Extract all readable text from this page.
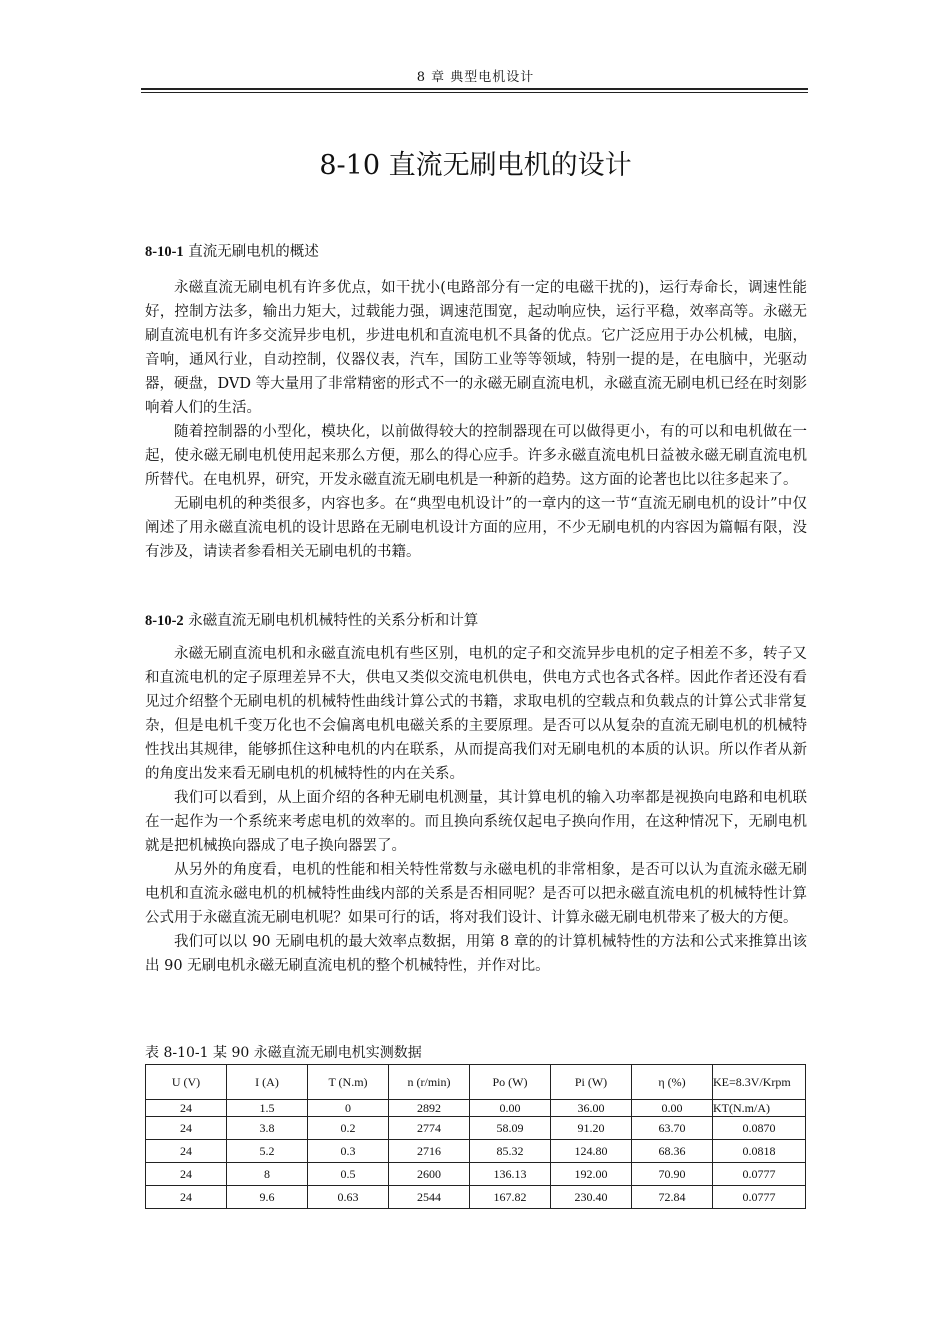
8 章 典型电机设计
8-10 直流无刷电机的设计
8-10-1 直流无刷电机的概述

永磁直流无刷电机有许多优点，如干扰小(电路部分有一定的电磁干扰的)，运行寿命长，调速性能好，控制方法多，输出力矩大，过载能力强，调速范围宽，起动响应快，运行平稳，效率高等。永磁无刷直流电机有许多交流异步电机，步进电机和直流电机不具备的优点。它广泛应用于办公机械，电脑，音响，通风行业，自动控制，仪器仪表，汽车，国防工业等等领域，特别一提的是，在电脑中，光驱动器，硬盘，DVD 等大量用了非常精密的形式不一的永磁无刷直流电机，永磁直流无刷电机已经在时刻影响着人们的生活。

随着控制器的小型化，模块化，以前做得较大的控制器现在可以做得更小，有的可以和电机做在一起，使永磁无刷电机使用起来那么方便，那么的得心应手。许多永磁直流电机日益被永磁无刷直流电机所替代。在电机界，研究，开发永磁直流无刷电机是一种新的趋势。这方面的论著也比以往多起来了。

无刷电机的种类很多，内容也多。在“典型电机设计”的一章内的这一节“直流无刷电机的设计”中仅阐述了用永磁直流电机的设计思路在无刷电机设计方面的应用，不少无刷电机的内容因为篇幅有限，没有涉及，请读者参看相关无刷电机的书籍。

8-10-2 永磁直流无刷电机机械特性的关系分析和计算

永磁无刷直流电机和永磁直流电机有些区别，电机的定子和交流异步电机的定子相差不多，转子又和直流电机的定子原理差异不大，供电又类似交流电机供电，供电方式也各式各样。因此作者还没有看见过介绍整个无刷电机的机械特性曲线计算公式的书籍，求取电机的空载点和负载点的计算公式非常复杂，但是电机千变万化也不会偏离电机电磁关系的主要原理。是否可以从复杂的直流无刷电机的机械特性找出其规律，能够抓住这种电机的内在联系，从而提高我们对无刷电机的本质的认识。所以作者从新的角度出发来看无刷电机的机械特性的内在关系。

我们可以看到，从上面介绍的各种无刷电机测量，其计算电机的输入功率都是视换向电路和电机联在一起作为一个系统来考虑电机的效率的。而且换向系统仅起电子换向作用，在这种情况下，无刷电机就是把机械换向器成了电子换向器罢了。

从另外的角度看，电机的性能和相关特性常数与永磁电机的非常相象，是否可以认为直流永磁无刷电机和直流永磁电机的机械特性曲线内部的关系是否相同呢？是否可以把永磁直流电机的机械特性计算公式用于永磁直流无刷电机呢？如果可行的话，将对我们设计、计算永磁无刷电机带来了极大的方便。

我们可以以 90 无刷电机的最大效率点数据，用第 8 章的的计算机械特性的方法和公式来推算出该出 90 无刷电机永磁无刷直流电机的整个机械特性，并作对比。

表 8-10-1 某 90 永磁直流无刷电机实测数据
U (V)	I (A)	T (N.m)	n (r/min)	Po (W)	Pi (W)	η (%)	KE=8.3V/Krpm
24	1.5	0	2892	0.00	36.00	0.00	KT(N.m/A)
24	3.8	0.2	2774	58.09	91.20	63.70	0.0870
24	5.2	0.3	2716	85.32	124.80	68.36	0.0818
24	8	0.5	2600	136.13	192.00	70.90	0.0777
24	9.6	0.63	2544	167.82	230.40	72.84	0.0777
